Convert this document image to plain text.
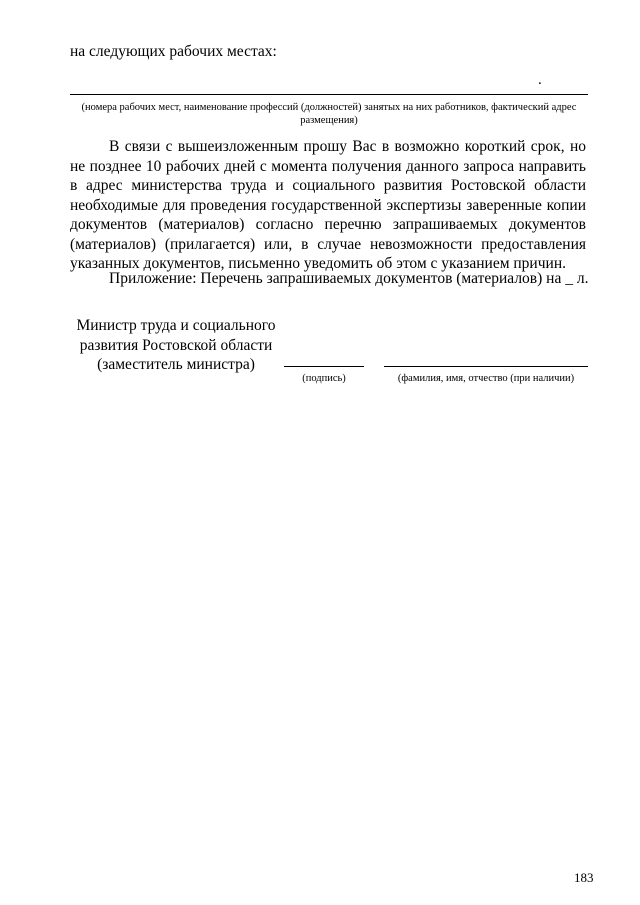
на следующих рабочих местах:
.
(номера рабочих мест, наименование профессий (должностей) занятых на них работников, фактический адрес
размещения)

В связи с вышеизложенным прошу Вас в возможно короткий срок, но не позднее 10 рабочих дней с момента получения данного запроса направить в адрес министерства труда и социального развития Ростовской области необходимые для проведения государственной экспертизы заверенные копии документов (материалов) согласно перечню запрашиваемых документов (материалов) (прилагается) или, в случае невозможности предоставления указанных документов, письменно уведомить об этом с указанием причин.

Приложение: Перечень запрашиваемых документов (материалов) на _ л.

Министр труда и социального
развития Ростовской области
(заместитель министра)
(подпись)	(фамилия, имя, отчество (при наличии)
183
